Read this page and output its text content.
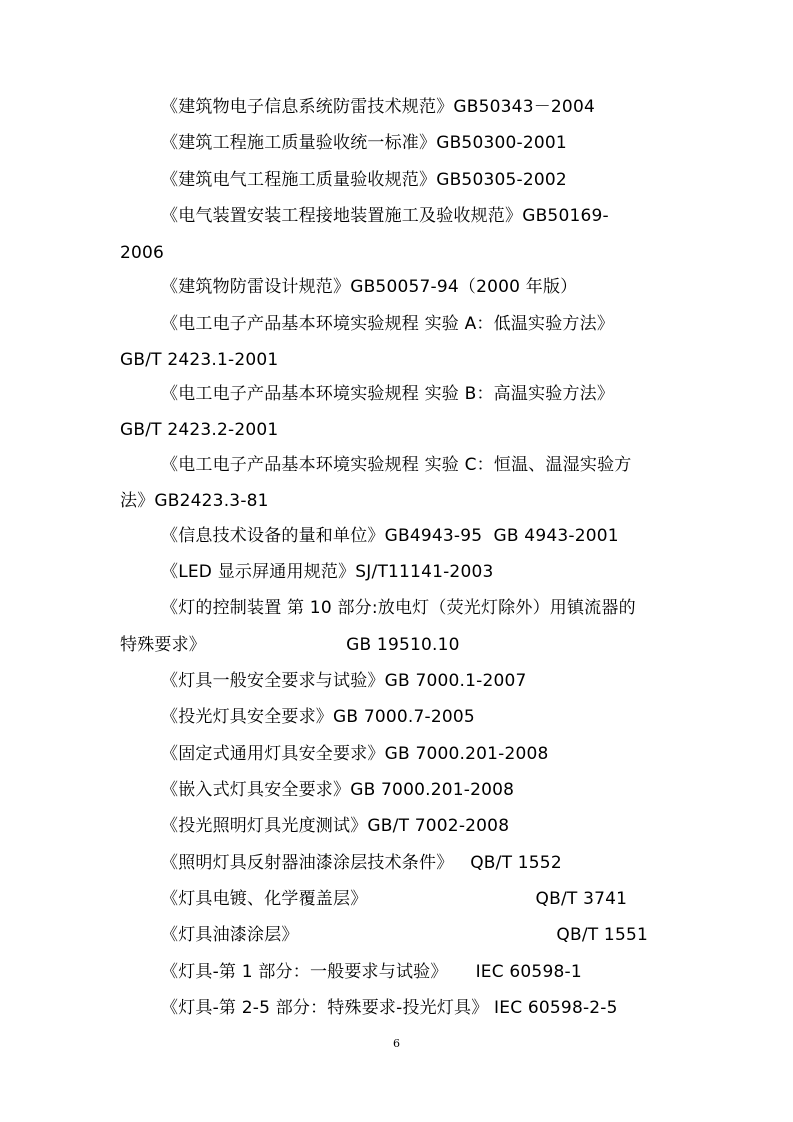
《建筑物电子信息系统防雷技术规范》GB50343－2004
《建筑工程施工质量验收统一标准》GB50300-2001
《建筑电气工程施工质量验收规范》GB50305-2002
《电气装置安装工程接地装置施工及验收规范》GB50169-
2006
《建筑物防雷设计规范》GB50057-94（2000 年版）
《电工电子产品基本环境实验规程 实验 A：低温实验方法》
GB/T 2423.1-2001
《电工电子产品基本环境实验规程 实验 B：高温实验方法》
GB/T 2423.2-2001
《电工电子产品基本环境实验规程 实验 C：恒温、温湿实验方
法》GB2423.3-81
《信息技术设备的量和单位》GB4943-95  GB 4943-2001
《LED 显示屏通用规范》SJ/T11141-2003
《灯的控制装置 第 10 部分:放电灯（荧光灯除外）用镇流器的
特殊要求》                         GB 19510.10
《灯具一般安全要求与试验》GB 7000.1-2007
《投光灯具安全要求》GB 7000.7-2005
《固定式通用灯具安全要求》GB 7000.201-2008
《嵌入式灯具安全要求》GB 7000.201-2008
《投光照明灯具光度测试》GB/T 7002-2008
《照明灯具反射器油漆涂层技术条件》   QB/T 1552
《灯具电镀、化学覆盖层》                              QB/T 3741
《灯具油漆涂层》                                              QB/T 1551
《灯具-第 1 部分：一般要求与试验》     IEC 60598-1
《灯具-第 2-5 部分：特殊要求-投光灯具》 IEC 60598-2-5
6
